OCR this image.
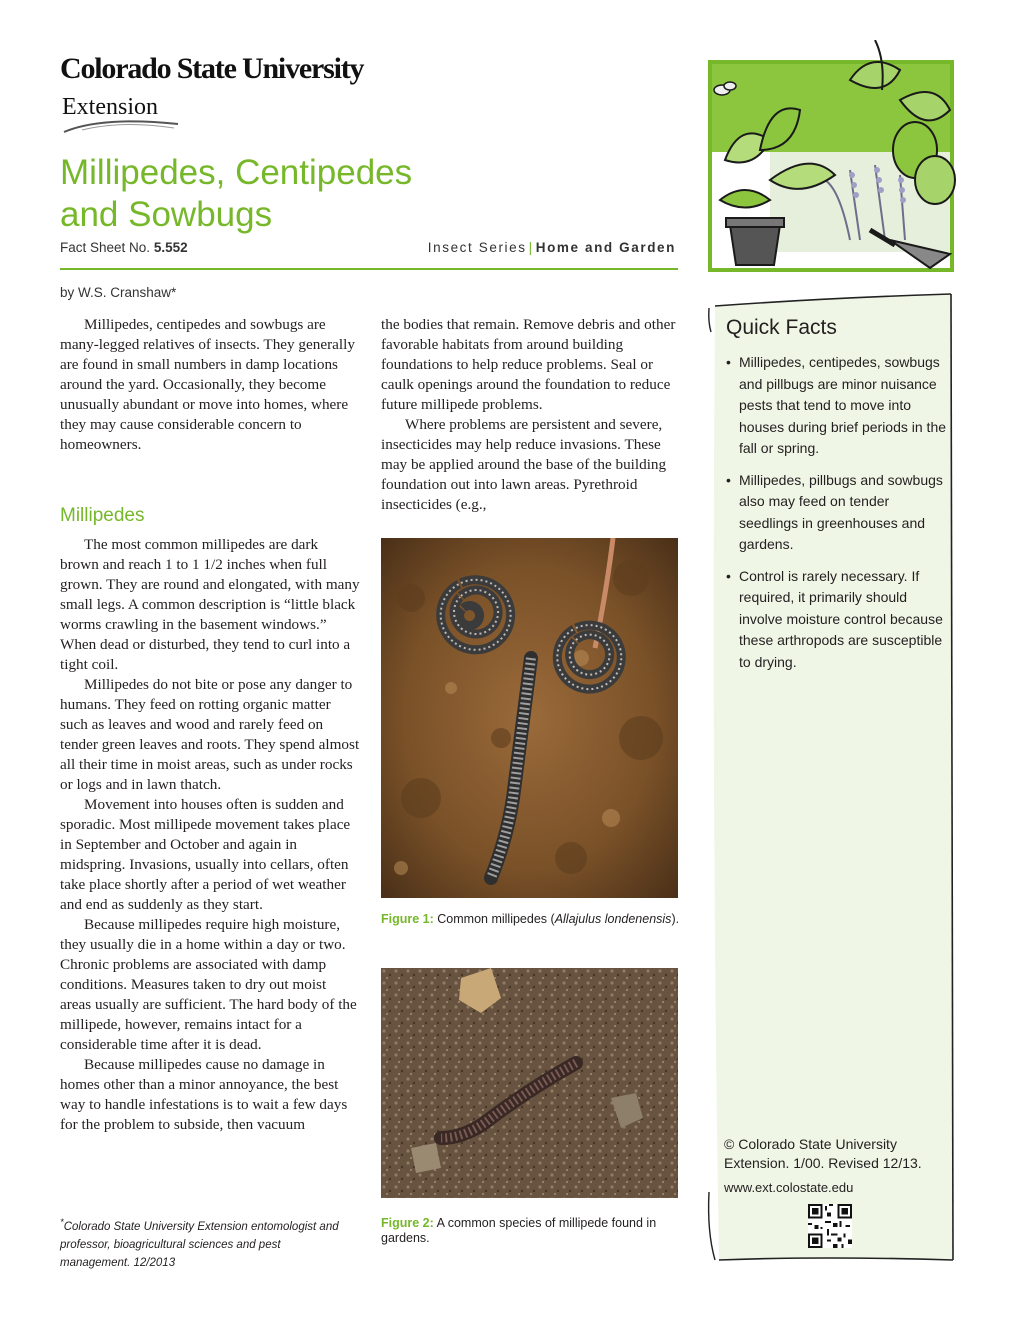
Colorado State University
Extension
Millipedes, Centipedes
and Sowbugs
Fact Sheet No. 5.552	Insect Series | Home and Garden
by W.S. Cranshaw*

Millipedes, centipedes and sowbugs are many-legged relatives of insects. They generally are found in small numbers in damp locations around the yard. Occasionally, they become unusually abundant or move into homes, where they may cause considerable concern to homeowners.

Millipedes

The most common millipedes are dark brown and reach 1 to 1 1/2 inches when full grown. They are round and elongated, with many small legs. A common description is “little black worms crawling in the basement windows.” When dead or disturbed, they tend to curl into a tight coil.

Millipedes do not bite or pose any danger to humans. They feed on rotting organic matter such as leaves and wood and rarely feed on tender green leaves and roots. They spend almost all their time in moist areas, such as under rocks or logs and in lawn thatch.

Movement into houses often is sudden and sporadic. Most millipede movement takes place in September and October and again in midspring. Invasions, usually into cellars, often take place shortly after a period of wet weather and end as suddenly as they start.

Because millipedes require high moisture, they usually die in a home within a day or two. Chronic problems are associated with damp conditions. Measures taken to dry out moist areas usually are sufficient. The hard body of the millipede, however, remains intact for a considerable time after it is dead.

Because millipedes cause no damage in homes other than a minor annoyance, the best way to handle infestations is to wait a few days for the problem to subside, then vacuum

the bodies that remain. Remove debris and other favorable habitats from around building foundations to help reduce problems. Seal or caulk openings around the foundation to reduce future millipede problems.

Where problems are persistent and severe, insecticides may help reduce invasions. These may be applied around the base of the building foundation out into lawn areas. Pyrethroid insecticides (e.g.,

Figure 1: Common millipedes (Allajulus londenensis).
Figure 2: A common species of millipede found in gardens.
*Colorado State University Extension entomologist and professor, bioagricultural sciences and pest management. 12/2013
Quick Facts
• Millipedes, centipedes, sowbugs and pillbugs are minor nuisance pests that tend to move into houses during brief periods in the fall or spring.
• Millipedes, pillbugs and sowbugs also may feed on tender seedlings in greenhouses and gardens.
• Control is rarely necessary. If required, it primarily should involve moisture control because these arthropods are susceptible to drying.
© Colorado State University Extension. 1/00. Revised 12/13.
www.ext.colostate.edu
